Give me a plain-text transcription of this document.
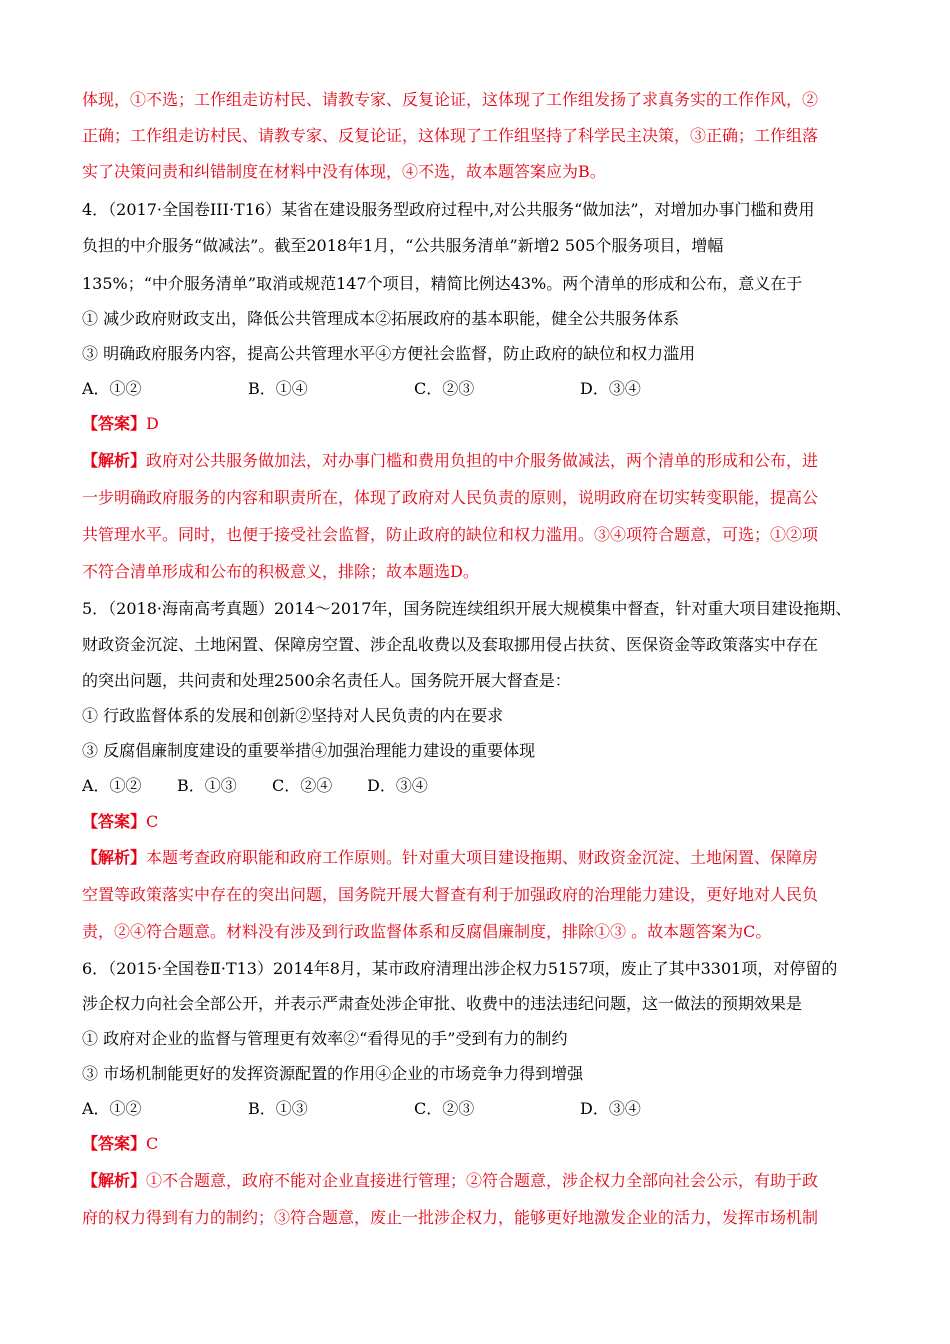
体现，①不选；工作组走访村民、请教专家、反复论证，这体现了工作组发扬了求真务实的工作作风，②
正确；工作组走访村民、请教专家、反复论证，这体现了工作组坚持了科学民主决策，③正确；工作组落
实了决策问责和纠错制度在材料中没有体现，④不选，故本题答案应为B。
4．（2017·全国卷III·T16）某省在建设服务型政府过程中,对公共服务“做加法”，对增加办事门槛和费用
负担的中介服务“做减法”。截至2018年1月，“公共服务清单”新增2 505个服务项目，增幅
135%；“中介服务清单”取消或规范147个项目，精简比例达43%。两个清单的形成和公布，意义在于
① 减少政府财政支出，降低公共管理成本②拓展政府的基本职能，健全公共服务体系
③ 明确政府服务内容，提高公共管理水平④方便社会监督，防止政府的缺位和权力滥用
A．①②	B．①④	C．②③	D．③④
【答案】D
【解析】政府对公共服务做加法，对办事门槛和费用负担的中介服务做减法，两个清单的形成和公布，进
一步明确政府服务的内容和职责所在，体现了政府对人民负责的原则，说明政府在切实转变职能，提高公
共管理水平。同时，也便于接受社会监督，防止政府的缺位和权力滥用。③④项符合题意，可选；①②项
不符合清单形成和公布的积极意义，排除；故本题选D。
5．（2018·海南高考真题）2014～2017年，国务院连续组织开展大规模集中督查，针对重大项目建设拖期、
财政资金沉淀、土地闲置、保障房空置、涉企乱收费以及套取挪用侵占扶贫、医保资金等政策落实中存在
的突出问题，共问责和处理2500余名责任人。国务院开展大督查是：
① 行政监督体系的发展和创新②坚持对人民负责的内在要求
③ 反腐倡廉制度建设的重要举措④加强治理能力建设的重要体现
A．①②	B．①③	C．②④	D．③④
【答案】C
【解析】本题考查政府职能和政府工作原则。针对重大项目建设拖期、财政资金沉淀、土地闲置、保障房
空置等政策落实中存在的突出问题，国务院开展大督查有利于加强政府的治理能力建设，更好地对人民负
责，②④符合题意。材料没有涉及到行政监督体系和反腐倡廉制度，排除①③ 。故本题答案为C。
6．（2015·全国卷Ⅱ·T13）2014年8月，某市政府清理出涉企权力5157项，废止了其中3301项，对停留的
涉企权力向社会全部公开，并表示严肃查处涉企审批、收费中的违法违纪问题，这一做法的预期效果是
① 政府对企业的监督与管理更有效率②“看得见的手”受到有力的制约
③ 市场机制能更好的发挥资源配置的作用④企业的市场竞争力得到增强
A．①②	B．①③	C．②③	D．③④
【答案】C
【解析】①不合题意，政府不能对企业直接进行管理；②符合题意，涉企权力全部向社会公示，有助于政
府的权力得到有力的制约；③符合题意，废止一批涉企权力，能够更好地激发企业的活力，发挥市场机制
